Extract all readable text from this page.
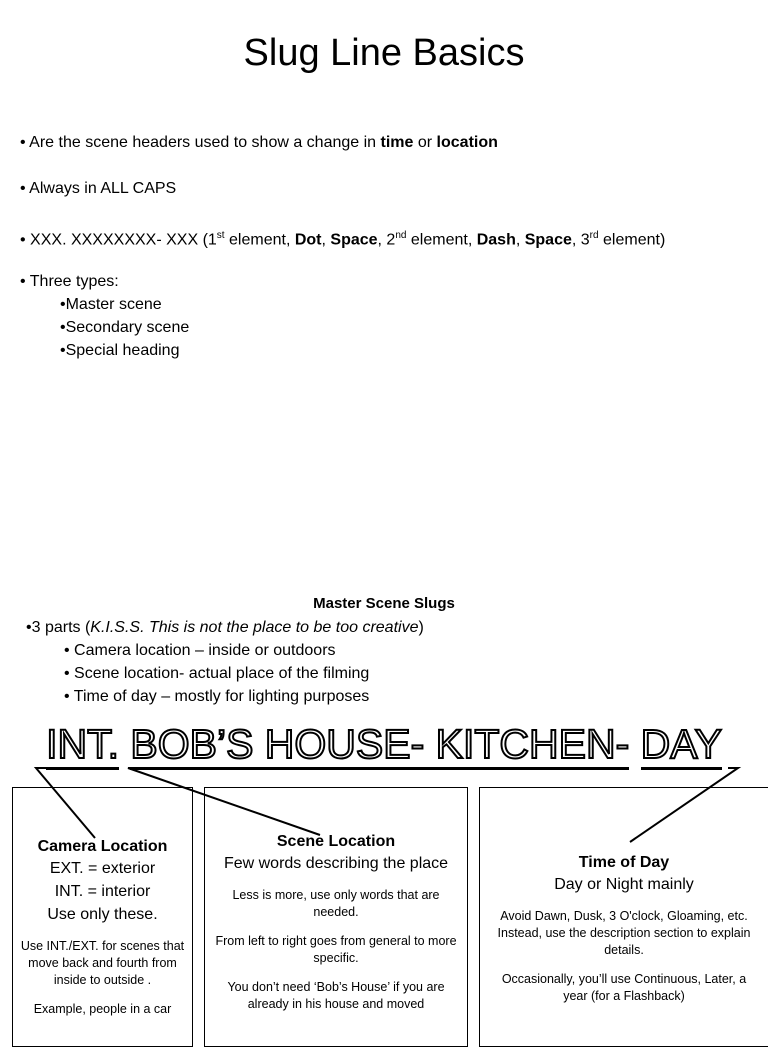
Slug Line Basics
• Are the scene headers used to show a change in time or location
• Always in ALL CAPS
• XXX. XXXXXXXX- XXX (1st element, Dot, Space, 2nd element, Dash, Space, 3rd element)
• Three types:
•Master scene
•Secondary scene
•Special heading
Master Scene Slugs
•3 parts (K.I.S.S. This is not the place to be too creative)
• Camera location – inside or outdoors
• Scene location- actual place of the filming
• Time of day – mostly for lighting purposes
INT. BOB’S HOUSE- KITCHEN- DAY
Camera Location
EXT. = exterior
INT. = interior
Use only these.
Use INT./EXT. for scenes that move back and fourth from inside to outside .
Example, people in a car
Scene Location
Few words describing the place
Less is more, use only words that are needed.
From left to right goes from general to more specific.
You don’t need ‘Bob’s House’ if you are already in his house and moved
Time of Day
Day or Night mainly
Avoid Dawn, Dusk, 3 O'clock, Gloaming, etc. Instead, use the description section to explain details.
Occasionally, you’ll use Continuous, Later, a year (for a Flashback)
